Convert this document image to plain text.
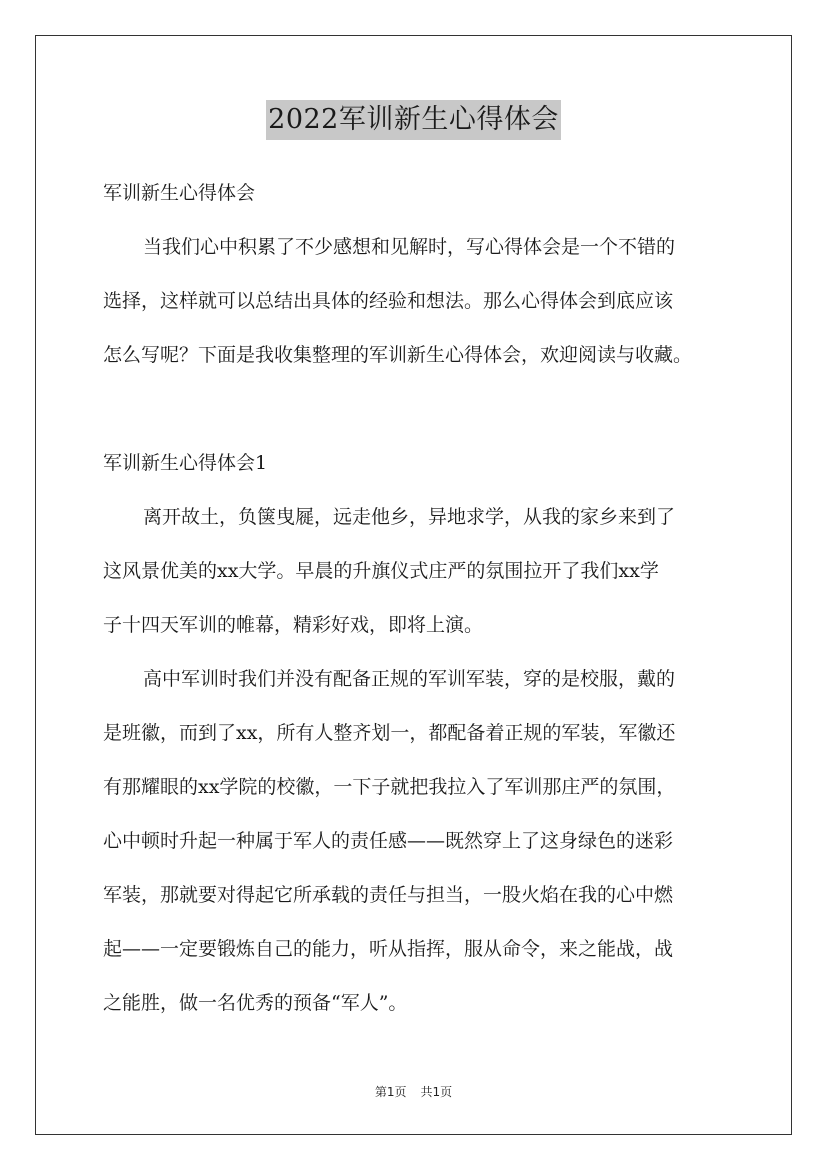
2022军训新生心得体会
军训新生心得体会
当我们心中积累了不少感想和见解时，写心得体会是一个不错的
选择，这样就可以总结出具体的经验和想法。那么心得体会到底应该
怎么写呢？下面是我收集整理的军训新生心得体会，欢迎阅读与收藏。
军训新生心得体会1
离开故土，负箧曳屣，远走他乡，异地求学，从我的家乡来到了
这风景优美的xx大学。早晨的升旗仪式庄严的氛围拉开了我们xx学
子十四天军训的帷幕，精彩好戏，即将上演。
高中军训时我们并没有配备正规的军训军装，穿的是校服，戴的
是班徽，而到了xx，所有人整齐划一，都配备着正规的军装，军徽还
有那耀眼的xx学院的校徽，一下子就把我拉入了军训那庄严的氛围，
心中顿时升起一种属于军人的责任感——既然穿上了这身绿色的迷彩
军装，那就要对得起它所承载的责任与担当，一股火焰在我的心中燃
起——一定要锻炼自己的能力，听从指挥，服从命令，来之能战，战
之能胜，做一名优秀的预备“军人”。
第1页 共1页
